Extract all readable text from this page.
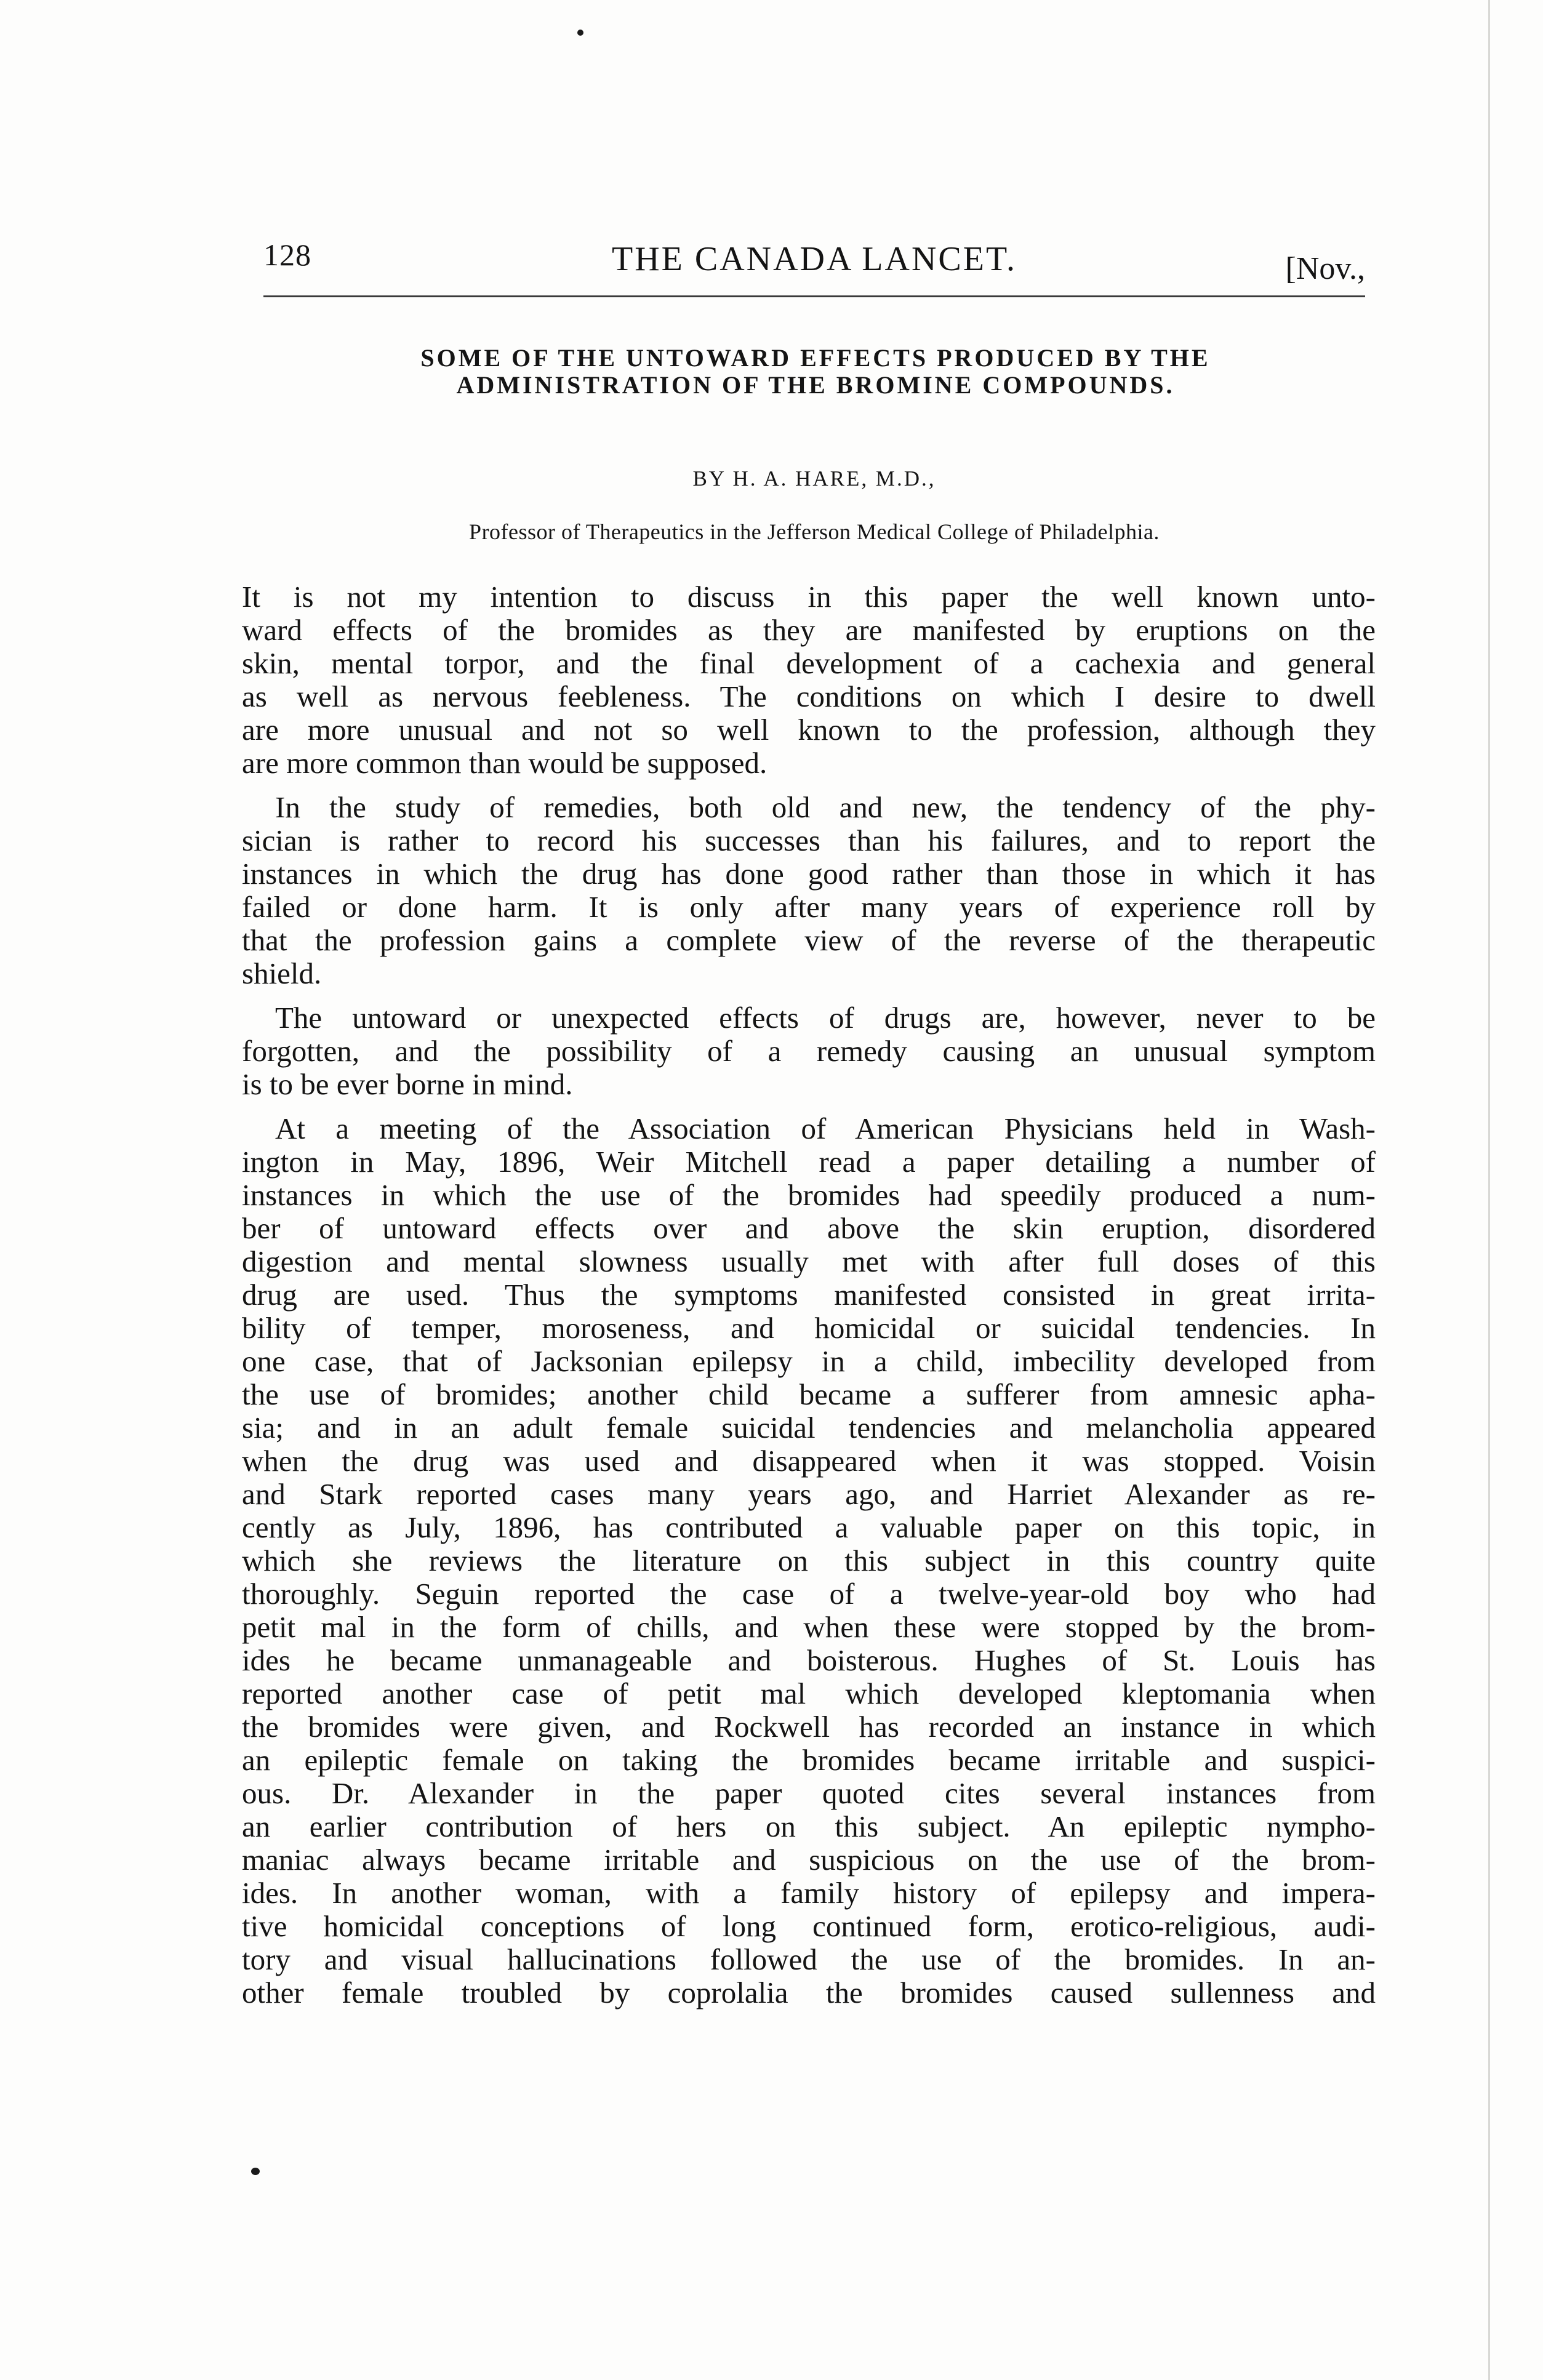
128	THE CANADA LANCET.	[Nov.,
SOME OF THE UNTOWARD EFFECTS PRODUCED BY THE
ADMINISTRATION OF THE BROMINE COMPOUNDS.
BY H. A. HARE, M.D.,
Professor of Therapeutics in the Jefferson Medical College of Philadelphia.

It is not my intention to discuss in this paper the well known unto-
ward effects of the bromides as they are manifested by eruptions on the
skin, mental torpor, and the final development of a cachexia and general
as well as nervous feebleness. The conditions on which I desire to dwell
are more unusual and not so well known to the profession, although they
are more common than would be supposed.

In the study of remedies, both old and new, the tendency of the phy-
sician is rather to record his successes than his failures, and to report the
instances in which the drug has done good rather than those in which it has
failed or done harm. It is only after many years of experience roll by
that the profession gains a complete view of the reverse of the therapeutic
shield.

The untoward or unexpected effects of drugs are, however, never to be
forgotten, and the possibility of a remedy causing an unusual symptom
is to be ever borne in mind.

At a meeting of the Association of American Physicians held in Wash-
ington in May, 1896, Weir Mitchell read a paper detailing a number of
instances in which the use of the bromides had speedily produced a num-
ber of untoward effects over and above the skin eruption, disordered
digestion and mental slowness usually met with after full doses of this
drug are used. Thus the symptoms manifested consisted in great irrita-
bility of temper, moroseness, and homicidal or suicidal tendencies. In
one case, that of Jacksonian epilepsy in a child, imbecility developed from
the use of bromides; another child became a sufferer from amnesic apha-
sia; and in an adult female suicidal tendencies and melancholia appeared
when the drug was used and disappeared when it was stopped. Voisin
and Stark reported cases many years ago, and Harriet Alexander as re-
cently as July, 1896, has contributed a valuable paper on this topic, in
which she reviews the literature on this subject in this country quite
thoroughly. Seguin reported the case of a twelve-year-old boy who had
petit mal in the form of chills, and when these were stopped by the brom-
ides he became unmanageable and boisterous. Hughes of St. Louis has
reported another case of petit mal which developed kleptomania when
the bromides were given, and Rockwell has recorded an instance in which
an epileptic female on taking the bromides became irritable and suspici-
ous. Dr. Alexander in the paper quoted cites several instances from
an earlier contribution of hers on this subject. An epileptic nympho-
maniac always became irritable and suspicious on the use of the brom-
ides. In another woman, with a family history of epilepsy and impera-
tive homicidal conceptions of long continued form, erotico-religious, audi-
tory and visual hallucinations followed the use of the bromides. In an-
other female troubled by coprolalia the bromides caused sullenness and
